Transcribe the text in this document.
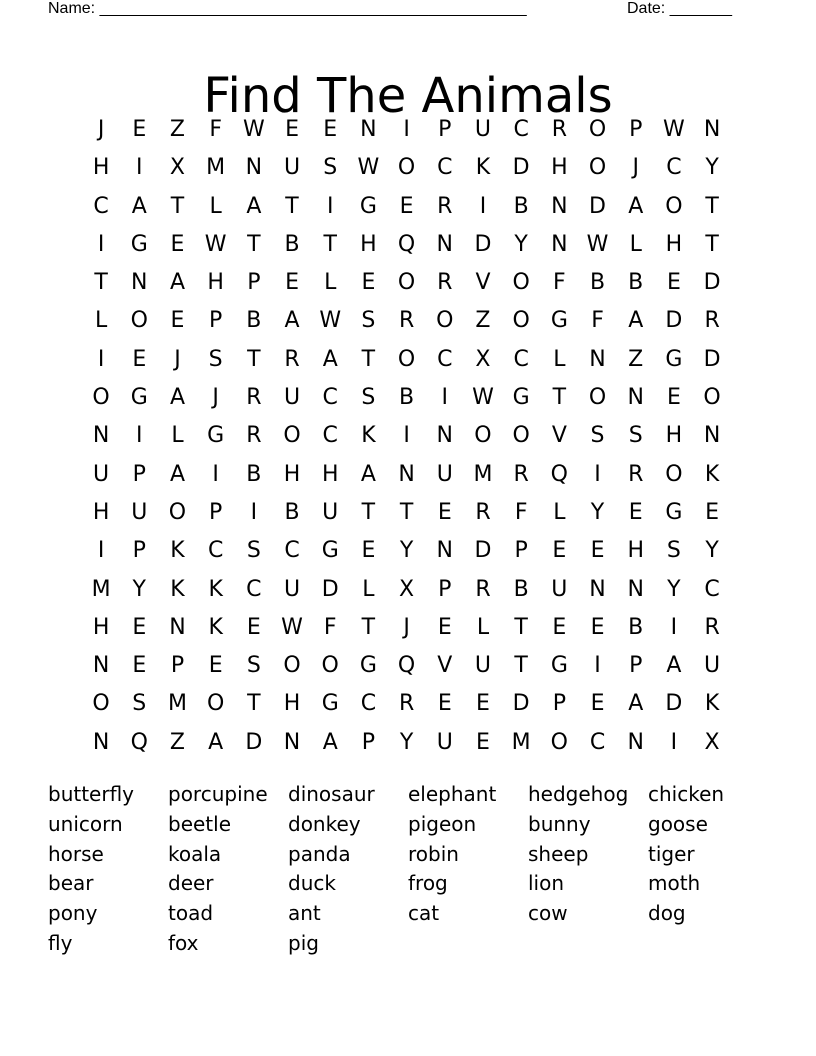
Name: ________________________________________________

	Date: _______

Find The Animals
J	E	Z	F W E	E	N	I	P	U	C	R O	P W N
H	I	X M N U	S W O C	K	D H O	J	C	Y
C	A	T	L	A	T	I	G	E	R	I	B	N D	A O	T
I	G	E W T	B	T	H Q N D	Y	N W L	H	T
T	N	A	H	P	E	L	E	O R	V O	F	B	B	E	D
L	O	E	P	B	A W S	R O Z O G	F	A	D	R
I	E	J	S	T	R	A	T	O C	X	C	L	N	Z	G D
O G	A	J	R	U	C	S	B	I	W G	T	O N	E	O
N	I	L	G	R O C	K	I	N O O	V	S	S	H N
U	P	A	I	B	H H	A	N U M R Q	I	R O	K
H U O	P	I	B	U	T	T	E	R	F	L	Y	E	G	E
I	P	K	C	S	C G	E	Y	N D	P	E	E	H	S	Y
M Y	K	K	C	U D	L	X	P	R	B	U N N	Y	C
H	E	N	K	E W F	T	J	E	L	T	E	E	B	I	R
N	E	P	E	S	O O G Q	V	U	T	G	I	P	A	U
O	S M O	T	H G C	R	E	E	D	P	E	A	D	K
N Q Z	A	D N	A	P	Y	U	E M O C	N	I	X
butterfly	porcupine	dinosaur	elephant	hedgehog chicken
unicorn	beetle	donkey	pigeon	bunny	goose
horse	koala	panda	robin	sheep	tiger
bear	deer	duck	frog	lion	moth
pony	toad	ant	cat	cow	dog
fly	fox	pig
